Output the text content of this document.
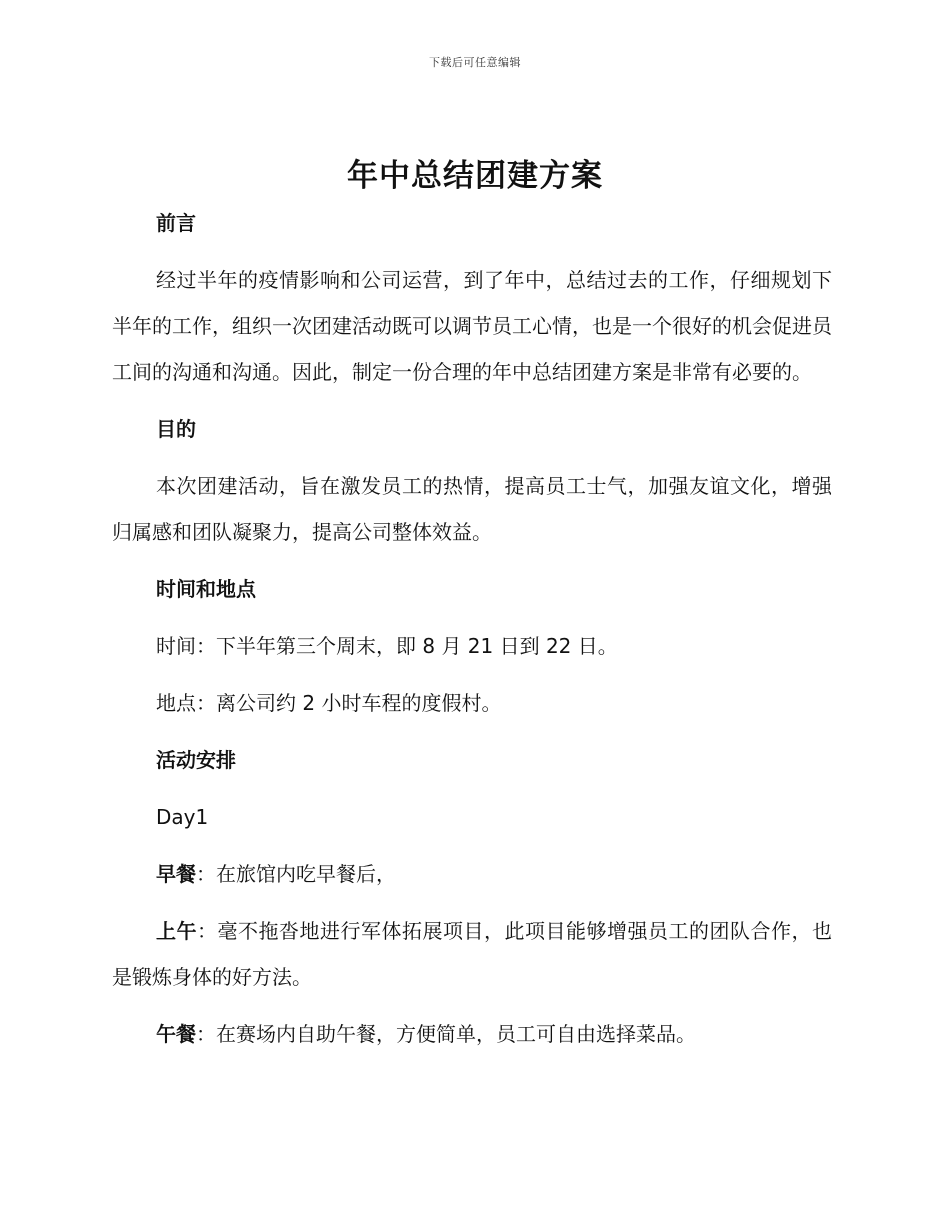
下载后可任意编辑
年中总结团建方案

前言

经过半年的疫情影响和公司运营，到了年中，总结过去的工作，仔细规划下半年的工作，组织一次团建活动既可以调节员工心情，也是一个很好的机会促进员工间的沟通和沟通。因此，制定一份合理的年中总结团建方案是非常有必要的。

目的

本次团建活动，旨在激发员工的热情，提高员工士气，加强友谊文化，增强归属感和团队凝聚力，提高公司整体效益。

时间和地点

时间：下半年第三个周末，即 8 月 21 日到 22 日。

地点：离公司约 2 小时车程的度假村。

活动安排

Day1

早餐：在旅馆内吃早餐后，

上午：毫不拖沓地进行军体拓展项目，此项目能够增强员工的团队合作，也是锻炼身体的好方法。

午餐：在赛场内自助午餐，方便简单，员工可自由选择菜品。
